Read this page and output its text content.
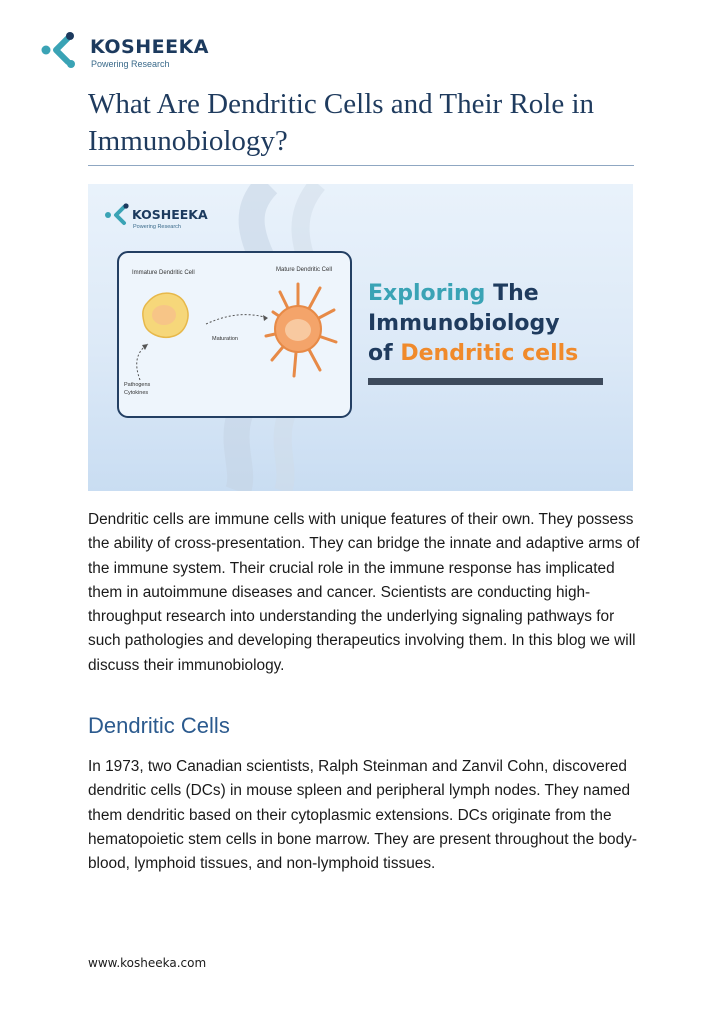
KOSHEEKA
Powering Research
What Are Dendritic Cells and Their Role in Immunobiology?
KOSHEEKA
Powering Research
Immature Dendritic Cell	Mature Dendritic Cell
Maturation
Pathogens
Cytokines
Exploring The
Immunobiology
of Dendritic cells

Dendritic cells are immune cells with unique features of their own. They possess the ability of cross-presentation. They can bridge the innate and adaptive arms of the immune system. Their crucial role in the immune response has implicated them in autoimmune diseases and cancer. Scientists are conducting high-throughput research into understanding the underlying signaling pathways for such pathologies and developing therapeutics involving them. In this blog we will discuss their immunobiology.

Dendritic Cells

In 1973, two Canadian scientists, Ralph Steinman and Zanvil Cohn, discovered dendritic cells (DCs) in mouse spleen and peripheral lymph nodes. They named them dendritic based on their cytoplasmic extensions. DCs originate from the hematopoietic stem cells in bone marrow. They are present throughout the body- blood, lymphoid tissues, and non-lymphoid tissues.

www.kosheeka.com
